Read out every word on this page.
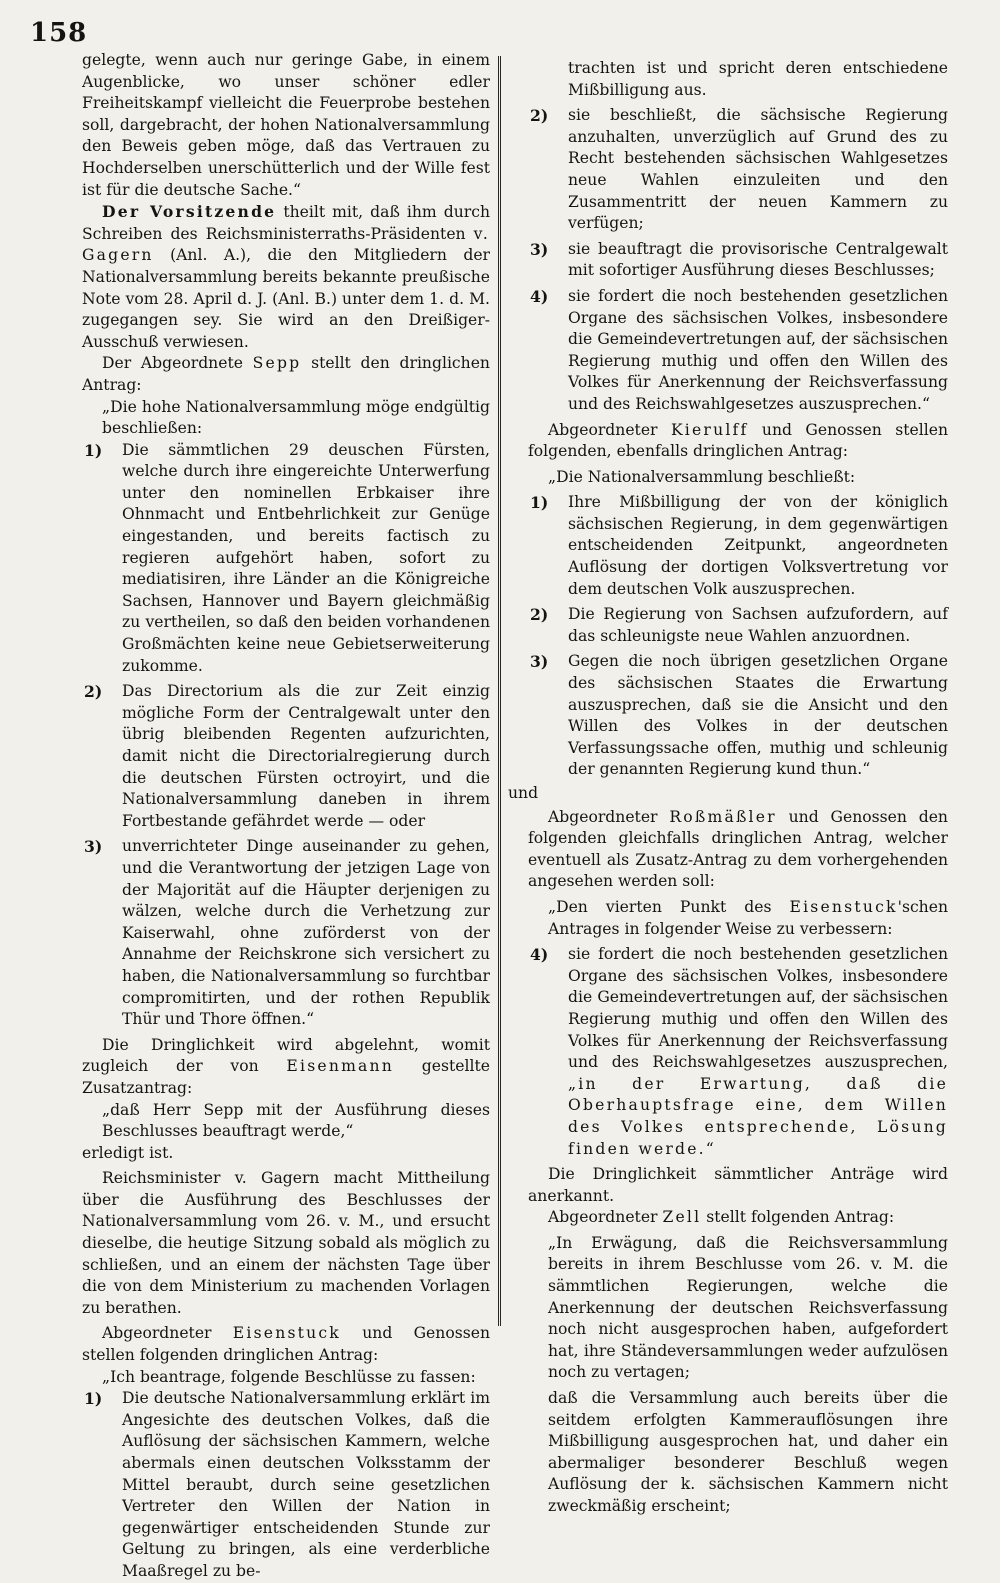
158

gelegte, wenn auch nur geringe Gabe, in einem Augenblicke, wo unser schöner edler Freiheitskampf vielleicht die Feuerprobe bestehen soll, dargebracht, der hohen Nationalversammlung den Beweis geben möge, daß das Vertrauen zu Hochderselben unerschütterlich und der Wille fest ist für die deutsche Sache.“

Der Vorsitzende theilt mit, daß ihm durch Schreiben des Reichsministerraths-Präsidenten v. Gagern (Anl. A.), die den Mitgliedern der Nationalversammlung bereits bekannte preußische Note vom 28. April d. J. (Anl. B.) unter dem 1. d. M. zugegangen sey. Sie wird an den Dreißiger-Ausschuß verwiesen.

Der Abgeordnete Sepp stellt den dringlichen Antrag:

„Die hohe Nationalversammlung möge endgültig beschließen:

1) Die sämmtlichen 29 deuschen Fürsten, welche durch ihre eingereichte Unterwerfung unter den nominellen Erbkaiser ihre Ohnmacht und Entbehrlichkeit zur Genüge eingestanden, und bereits factisch zu regieren aufgehört haben, sofort zu mediatisiren, ihre Länder an die Königreiche Sachsen, Hannover und Bayern gleichmäßig zu vertheilen, so daß den beiden vorhandenen Großmächten keine neue Gebietserweiterung zukomme.
2) Das Directorium als die zur Zeit einzig mögliche Form der Centralgewalt unter den übrig bleibenden Regenten aufzurichten, damit nicht die Directorialregierung durch die deutschen Fürsten octroyirt, und die Nationalversammlung daneben in ihrem Fortbestande gefährdet werde — oder
3) unverrichteter Dinge auseinander zu gehen, und die Verantwortung der jetzigen Lage von der Majorität auf die Häupter derjenigen zu wälzen, welche durch die Verhetzung zur Kaiserwahl, ohne zuförderst von der Annahme der Reichskrone sich versichert zu haben, die Nationalversammlung so furchtbar compromitirten, und der rothen Republik Thür und Thore öffnen.“

Die Dringlichkeit wird abgelehnt, womit zugleich der von Eisenmann gestellte Zusatzantrag:

„daß Herr Sepp mit der Ausführung dieses Beschlusses beauftragt werde,“

erledigt ist.

Reichsminister v. Gagern macht Mittheilung über die Ausführung des Beschlusses der Nationalversammlung vom 26. v. M., und ersucht dieselbe, die heutige Sitzung sobald als möglich zu schließen, und an einem der nächsten Tage über die von dem Ministerium zu machenden Vorlagen zu berathen.

Abgeordneter Eisenstuck und Genossen stellen folgenden dringlichen Antrag:

„Ich beantrage, folgende Beschlüsse zu fassen:

1) Die deutsche Nationalversammlung erklärt im Angesichte des deutschen Volkes, daß die Auflösung der sächsischen Kammern, welche abermals einen deutschen Volksstamm der Mittel beraubt, durch seine gesetzlichen Vertreter den Willen der Nation in gegenwärtiger entscheidenden Stunde zur Geltung zu bringen, als eine verderbliche Maaßregel zu be-

trachten ist und spricht deren entschiedene Mißbilligung aus.

2) sie beschließt, die sächsische Regierung anzuhalten, unverzüglich auf Grund des zu Recht bestehenden sächsischen Wahlgesetzes neue Wahlen einzuleiten und den Zusammentritt der neuen Kammern zu verfügen;
3) sie beauftragt die provisorische Centralgewalt mit sofortiger Ausführung dieses Beschlusses;
4) sie fordert die noch bestehenden gesetzlichen Organe des sächsischen Volkes, insbesondere die Gemeindevertretungen auf, der sächsischen Regierung muthig und offen den Willen des Volkes für Anerkennung der Reichsverfassung und des Reichswahlgesetzes auszusprechen.“

Abgeordneter Kierulff und Genossen stellen folgenden, ebenfalls dringlichen Antrag:

„Die Nationalversammlung beschließt:

1) Ihre Mißbilligung der von der königlich sächsischen Regierung, in dem gegenwärtigen entscheidenden Zeitpunkt, angeordneten Auflösung der dortigen Volksvertretung vor dem deutschen Volk auszusprechen.
2) Die Regierung von Sachsen aufzufordern, auf das schleunigste neue Wahlen anzuordnen.
3) Gegen die noch übrigen gesetzlichen Organe des sächsischen Staates die Erwartung auszusprechen, daß sie die Ansicht und den Willen des Volkes in der deutschen Verfassungssache offen, muthig und schleunig der genannten Regierung kund thun.“

und

Abgeordneter Roßmäßler und Genossen den folgenden gleichfalls dringlichen Antrag, welcher eventuell als Zusatz-Antrag zu dem vorhergehenden angesehen werden soll:

„Den vierten Punkt des Eisenstuck'schen Antrages in folgender Weise zu verbessern:

4) sie fordert die noch bestehenden gesetzlichen Organe des sächsischen Volkes, insbesondere die Gemeindevertretungen auf, der sächsischen Regierung muthig und offen den Willen des Volkes für Anerkennung der Reichsverfassung und des Reichswahlgesetzes auszusprechen, „in der Erwartung, daß die Oberhauptsfrage eine, dem Willen des Volkes entsprechende, Lösung finden werde.“

Die Dringlichkeit sämmtlicher Anträge wird anerkannt.

Abgeordneter Zell stellt folgenden Antrag:

„In Erwägung, daß die Reichsversammlung bereits in ihrem Beschlusse vom 26. v. M. die sämmtlichen Regierungen, welche die Anerkennung der deutschen Reichsverfassung noch nicht ausgesprochen haben, aufgefordert hat, ihre Ständeversammlungen weder aufzulösen noch zu vertagen;

daß die Versammlung auch bereits über die seitdem erfolgten Kammerauflösungen ihre Mißbilligung ausgesprochen hat, und daher ein abermaliger besonderer Beschluß wegen Auflösung der k. sächsischen Kammern nicht zweckmäßig erscheint;
